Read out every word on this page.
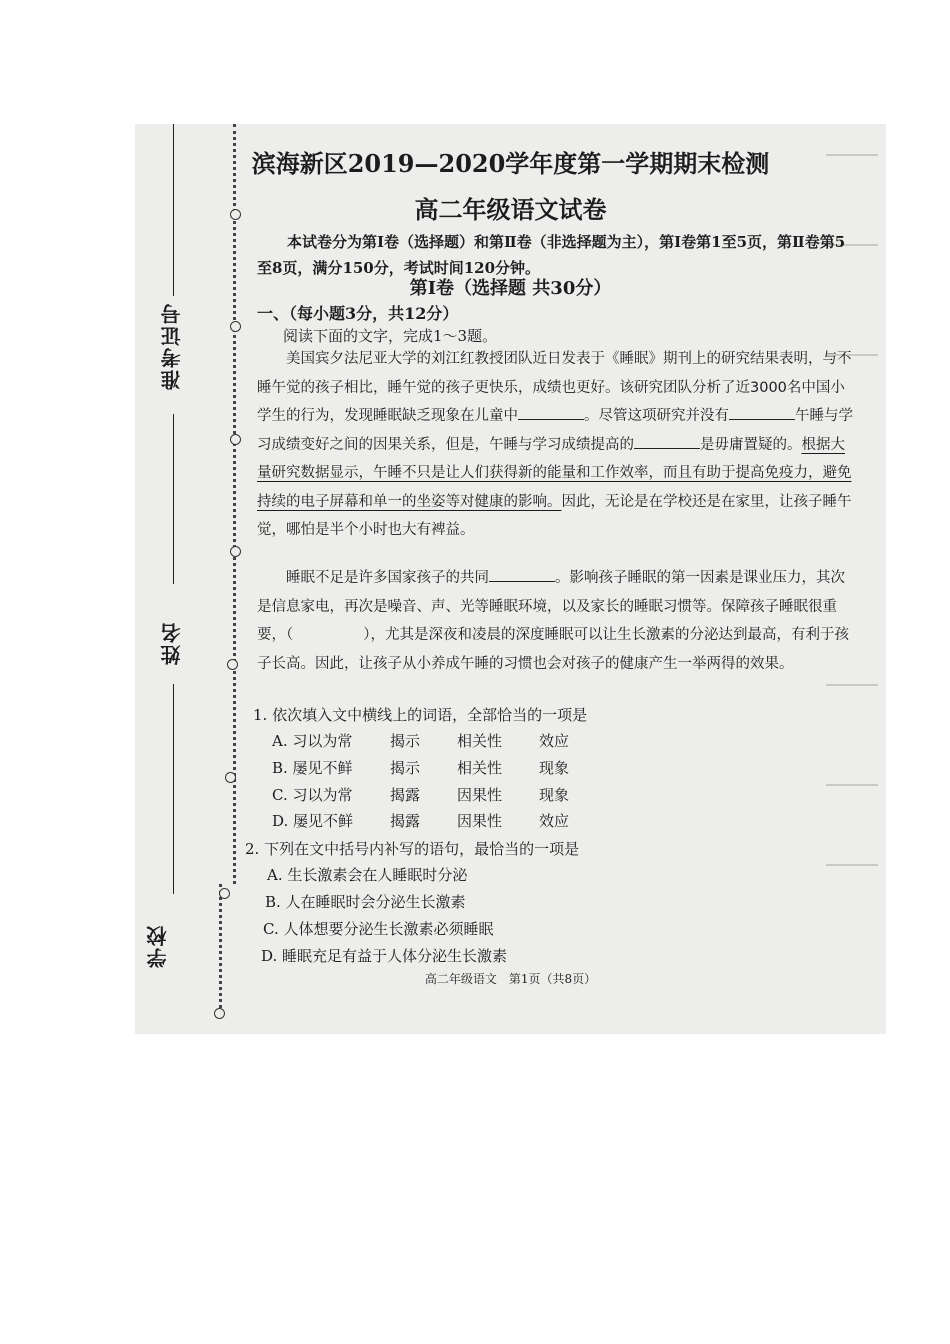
准考证号
姓名
学校
滨海新区2019—2020学年度第一学期期末检测
高二年级语文试卷
本试卷分为第Ⅰ卷（选择题）和第Ⅱ卷（非选择题为主），第Ⅰ卷第1至5页，第Ⅱ卷第5至8页，满分150分，考试时间120分钟。
第Ⅰ卷（选择题 共30分）
一、（每小题3分，共12分）
阅读下面的文字，完成1～3题。
美国宾夕法尼亚大学的刘江红教授团队近日发表于《睡眠》期刊上的研究结果表明，与不睡午觉的孩子相比，睡午觉的孩子更快乐，成绩也更好。该研究团队分析了近3000名中国小学生的行为，发现睡眠缺乏现象在儿童中	。尽管这项研究并没有	午睡与学习成绩变好之间的因果关系，但是，午睡与学习成绩提高的	是毋庸置疑的。根据大量研究数据显示，午睡不只是让人们获得新的能量和工作效率，而且有助于提高免疫力，避免持续的电子屏幕和单一的坐姿等对健康的影响。因此，无论是在学校还是在家里，让孩子睡午觉，哪怕是半个小时也大有裨益。
睡眠不足是许多国家孩子的共同	。影响孩子睡眠的第一因素是课业压力，其次是信息家电，再次是噪音、声、光等睡眠环境，以及家长的睡眠习惯等。保障孩子睡眠很重要，（	），尤其是深夜和凌晨的深度睡眠可以让生长激素的分泌达到最高，有利于孩子长高。因此，让孩子从小养成午睡的习惯也会对孩子的健康产生一举两得的效果。
1. 依次填入文中横线上的词语，全部恰当的一项是
A. 习以为常	揭示	相关性	效应
B. 屡见不鲜	揭示	相关性	现象
C. 习以为常	揭露	因果性	现象
D. 屡见不鲜	揭露	因果性	效应
2. 下列在文中括号内补写的语句，最恰当的一项是
A. 生长激素会在人睡眠时分泌
B. 人在睡眠时会分泌生长激素
C. 人体想要分泌生长激素必须睡眠
D. 睡眠充足有益于人体分泌生长激素
高二年级语文　第1页（共8页）
